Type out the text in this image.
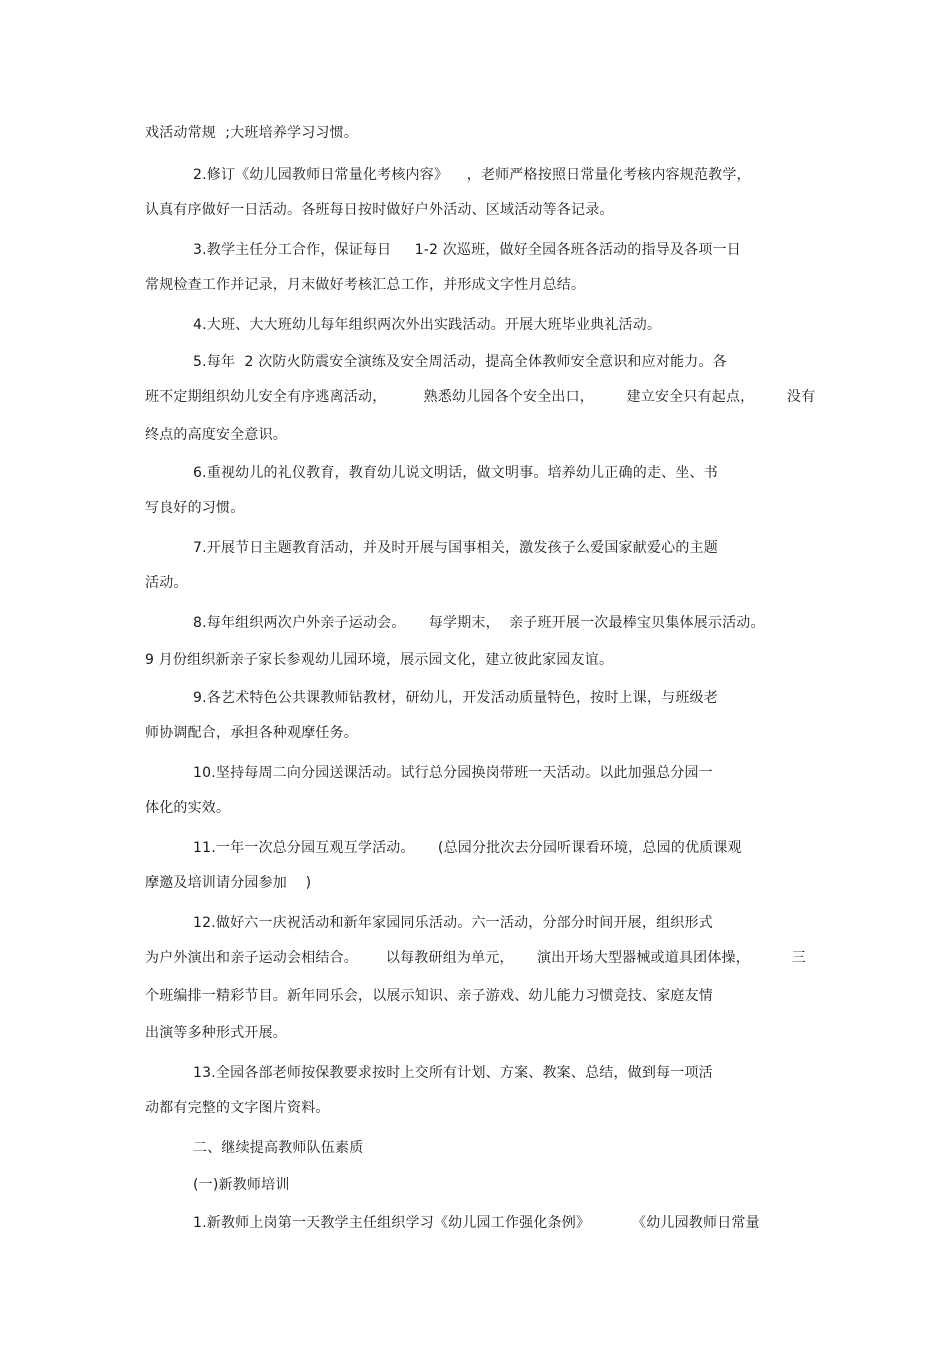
戏活动常规  ;大班培养学习习惯。
2.修订《幼儿园教师日常量化考核内容》    ，老师严格按照日常量化考核内容规范教学，
认真有序做好一日活动。各班每日按时做好户外活动、区域活动等各记录。
3.教学主任分工合作，保证每日     1-2 次巡班，做好全园各班各活动的指导及各项一日
常规检查工作并记录，月末做好考核汇总工作，并形成文字性月总结。
4.大班、大大班幼儿每年组织两次外出实践活动。开展大班毕业典礼活动。
5.每年  2 次防火防震安全演练及安全周活动，提高全体教师安全意识和应对能力。各
班不定期组织幼儿安全有序逃离活动，        熟悉幼儿园各个安全出口，       建立安全只有起点，       没有
终点的高度安全意识。
6.重视幼儿的礼仪教育，教育幼儿说文明话，做文明事。培养幼儿正确的走、坐、书
写良好的习惯。
7.开展节日主题教育活动，并及时开展与国事相关，激发孩子么爱国家献爱心的主题
活动。
8.每年组织两次户外亲子运动会。     每学期末，  亲子班开展一次最棒宝贝集体展示活动。
9 月份组织新亲子家长参观幼儿园环境，展示园文化，建立彼此家园友谊。
9.各艺术特色公共课教师钻教材，研幼儿，开发活动质量特色，按时上课，与班级老
师协调配合，承担各种观摩任务。
10.坚持每周二向分园送课活动。试行总分园换岗带班一天活动。以此加强总分园一
体化的实效。
11.一年一次总分园互观互学活动。     (总园分批次去分园听课看环境，总园的优质课观
摩邀及培训请分园参加    )
12.做好六一庆祝活动和新年家园同乐活动。六一活动，分部分时间开展，组织形式
为户外演出和亲子运动会相结合。      以每教研组为单元，     演出开场大型器械或道具团体操，         三
个班编排一精彩节目。新年同乐会，以展示知识、亲子游戏、幼儿能力习惯竞技、家庭友情
出演等多种形式开展。
13.全园各部老师按保教要求按时上交所有计划、方案、教案、总结，做到每一项活
动都有完整的文字图片资料。
二、继续提高教师队伍素质
(一)新教师培训
1.新教师上岗第一天教学主任组织学习《幼儿园工作强化条例》         《幼儿园教师日常量
